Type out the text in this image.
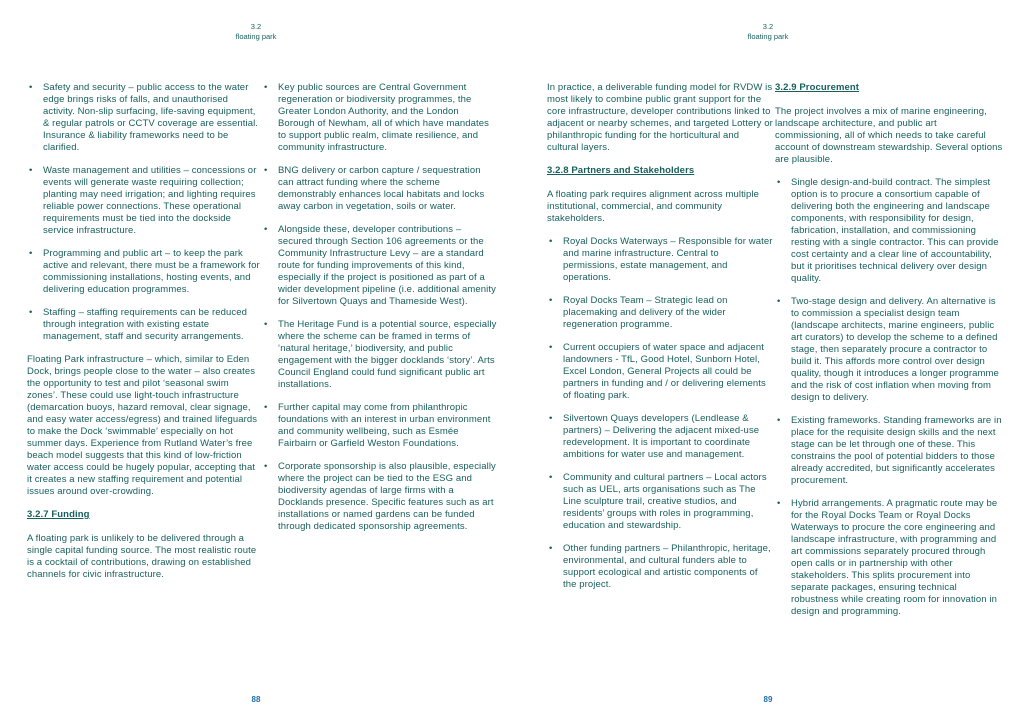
3.2
floating park
• Safety and security – public access to the water edge brings risks of falls, and unauthorised activity. Non-slip surfacing, life-saving equipment, & regular patrols or CCTV coverage are essential. Insurance & liability frameworks need to be clarified.
• Waste management and utilities – concessions or events will generate waste requiring collection; planting may need irrigation; and lighting requires reliable power connections. These operational requirements must be tied into the dockside service infrastructure.
• Programming and public art – to keep the park active and relevant, there must be a framework for commissioning installations, hosting events, and delivering education programmes.
• Staffing – staffing requirements can be reduced through integration with existing estate management, staff and security arrangements.

Floating Park infrastructure – which, similar to Eden Dock, brings people close to the water – also creates the opportunity to test and pilot ‘seasonal swim zones’. These could use light-touch infrastructure (demarcation buoys, hazard removal, clear signage, and easy water access/egress) and trained lifeguards to make the Dock ‘swimmable’ especially on hot summer days. Experience from Rutland Water’s free beach model suggests that this kind of low-friction water access could be hugely popular, accepting that it creates a new staffing requirement and potential issues around over-crowding.

3.2.7 Funding

A floating park is unlikely to be delivered through a single capital funding source. The most realistic route is a cocktail of contributions, drawing on established channels for civic infrastructure.

• Key public sources are Central Government regeneration or biodiversity programmes, the Greater London Authority, and the London Borough of Newham, all of which have mandates to support public realm, climate resilience, and community infrastructure.
• BNG delivery or carbon capture / sequestration can attract funding where the scheme demonstrably enhances local habitats and locks away carbon in vegetation, soils or water.
• Alongside these, developer contributions – secured through Section 106 agreements or the Community Infrastructure Levy – are a standard route for funding improvements of this kind, especially if the project is positioned as part of a wider development pipeline (i.e. additional amenity for Silvertown Quays and Thameside West).
• The Heritage Fund is a potential source, especially where the scheme can be framed in terms of ‘natural heritage,’ biodiversity, and public engagement with the bigger docklands ‘story’. Arts Council England could fund significant public art installations.
• Further capital may come from philanthropic foundations with an interest in urban environment and community wellbeing, such as Esmée Fairbairn or Garfield Weston Foundations.
• Corporate sponsorship is also plausible, especially where the project can be tied to the ESG and biodiversity agendas of large firms with a Docklands presence. Specific features such as art installations or named gardens can be funded through dedicated sponsorship agreements.
88
3.2
floating park

In practice, a deliverable funding model for RVDW is most likely to combine public grant support for the core infrastructure, developer contributions linked to adjacent or nearby schemes, and targeted Lottery or philanthropic funding for the horticultural and cultural layers.

3.2.8 Partners and Stakeholders

A floating park requires alignment across multiple institutional, commercial, and community stakeholders.

• Royal Docks Waterways – Responsible for water and marine infrastructure. Central to permissions, estate management, and operations.
• Royal Docks Team – Strategic lead on placemaking and delivery of the wider regeneration programme.
• Current occupiers of water space and adjacent landowners - TfL, Good Hotel, Sunborn Hotel, Excel London, General Projects all could be partners in funding and / or delivering elements of floating park.
• Silvertown Quays developers (Lendlease & partners) – Delivering the adjacent mixed-use redevelopment. It is important to coordinate ambitions for water use and management.
• Community and cultural partners – Local actors such as UEL, arts organisations such as The Line sculpture trail, creative studios, and residents’ groups with roles in programming, education and stewardship.
• Other funding partners – Philanthropic, heritage, environmental, and cultural funders able to support ecological and artistic components of the project.
3.2.9 Procurement

The project involves a mix of marine engineering, landscape architecture, and public art commissioning, all of which needs to take careful account of downstream stewardship. Several options are plausible.

• Single design-and-build contract. The simplest option is to procure a consortium capable of delivering both the engineering and landscape components, with responsibility for design, fabrication, installation, and commissioning resting with a single contractor. This can provide cost certainty and a clear line of accountability, but it prioritises technical delivery over design quality.
• Two-stage design and delivery. An alternative is to commission a specialist design team (landscape architects, marine engineers, public art curators) to develop the scheme to a defined stage, then separately procure a contractor to build it. This affords more control over design quality, though it introduces a longer programme and the risk of cost inflation when moving from design to delivery.
• Existing frameworks. Standing frameworks are in place for the requisite design skills and the next stage can be let through one of these. This constrains the pool of potential bidders to those already accredited, but significantly accelerates procurement.
• Hybrid arrangements. A pragmatic route may be for the Royal Docks Team or Royal Docks Waterways to procure the core engineering and landscape infrastructure, with programming and art commissions separately procured through open calls or in partnership with other stakeholders. This splits procurement into separate packages, ensuring technical robustness while creating room for innovation in design and programming.
89
